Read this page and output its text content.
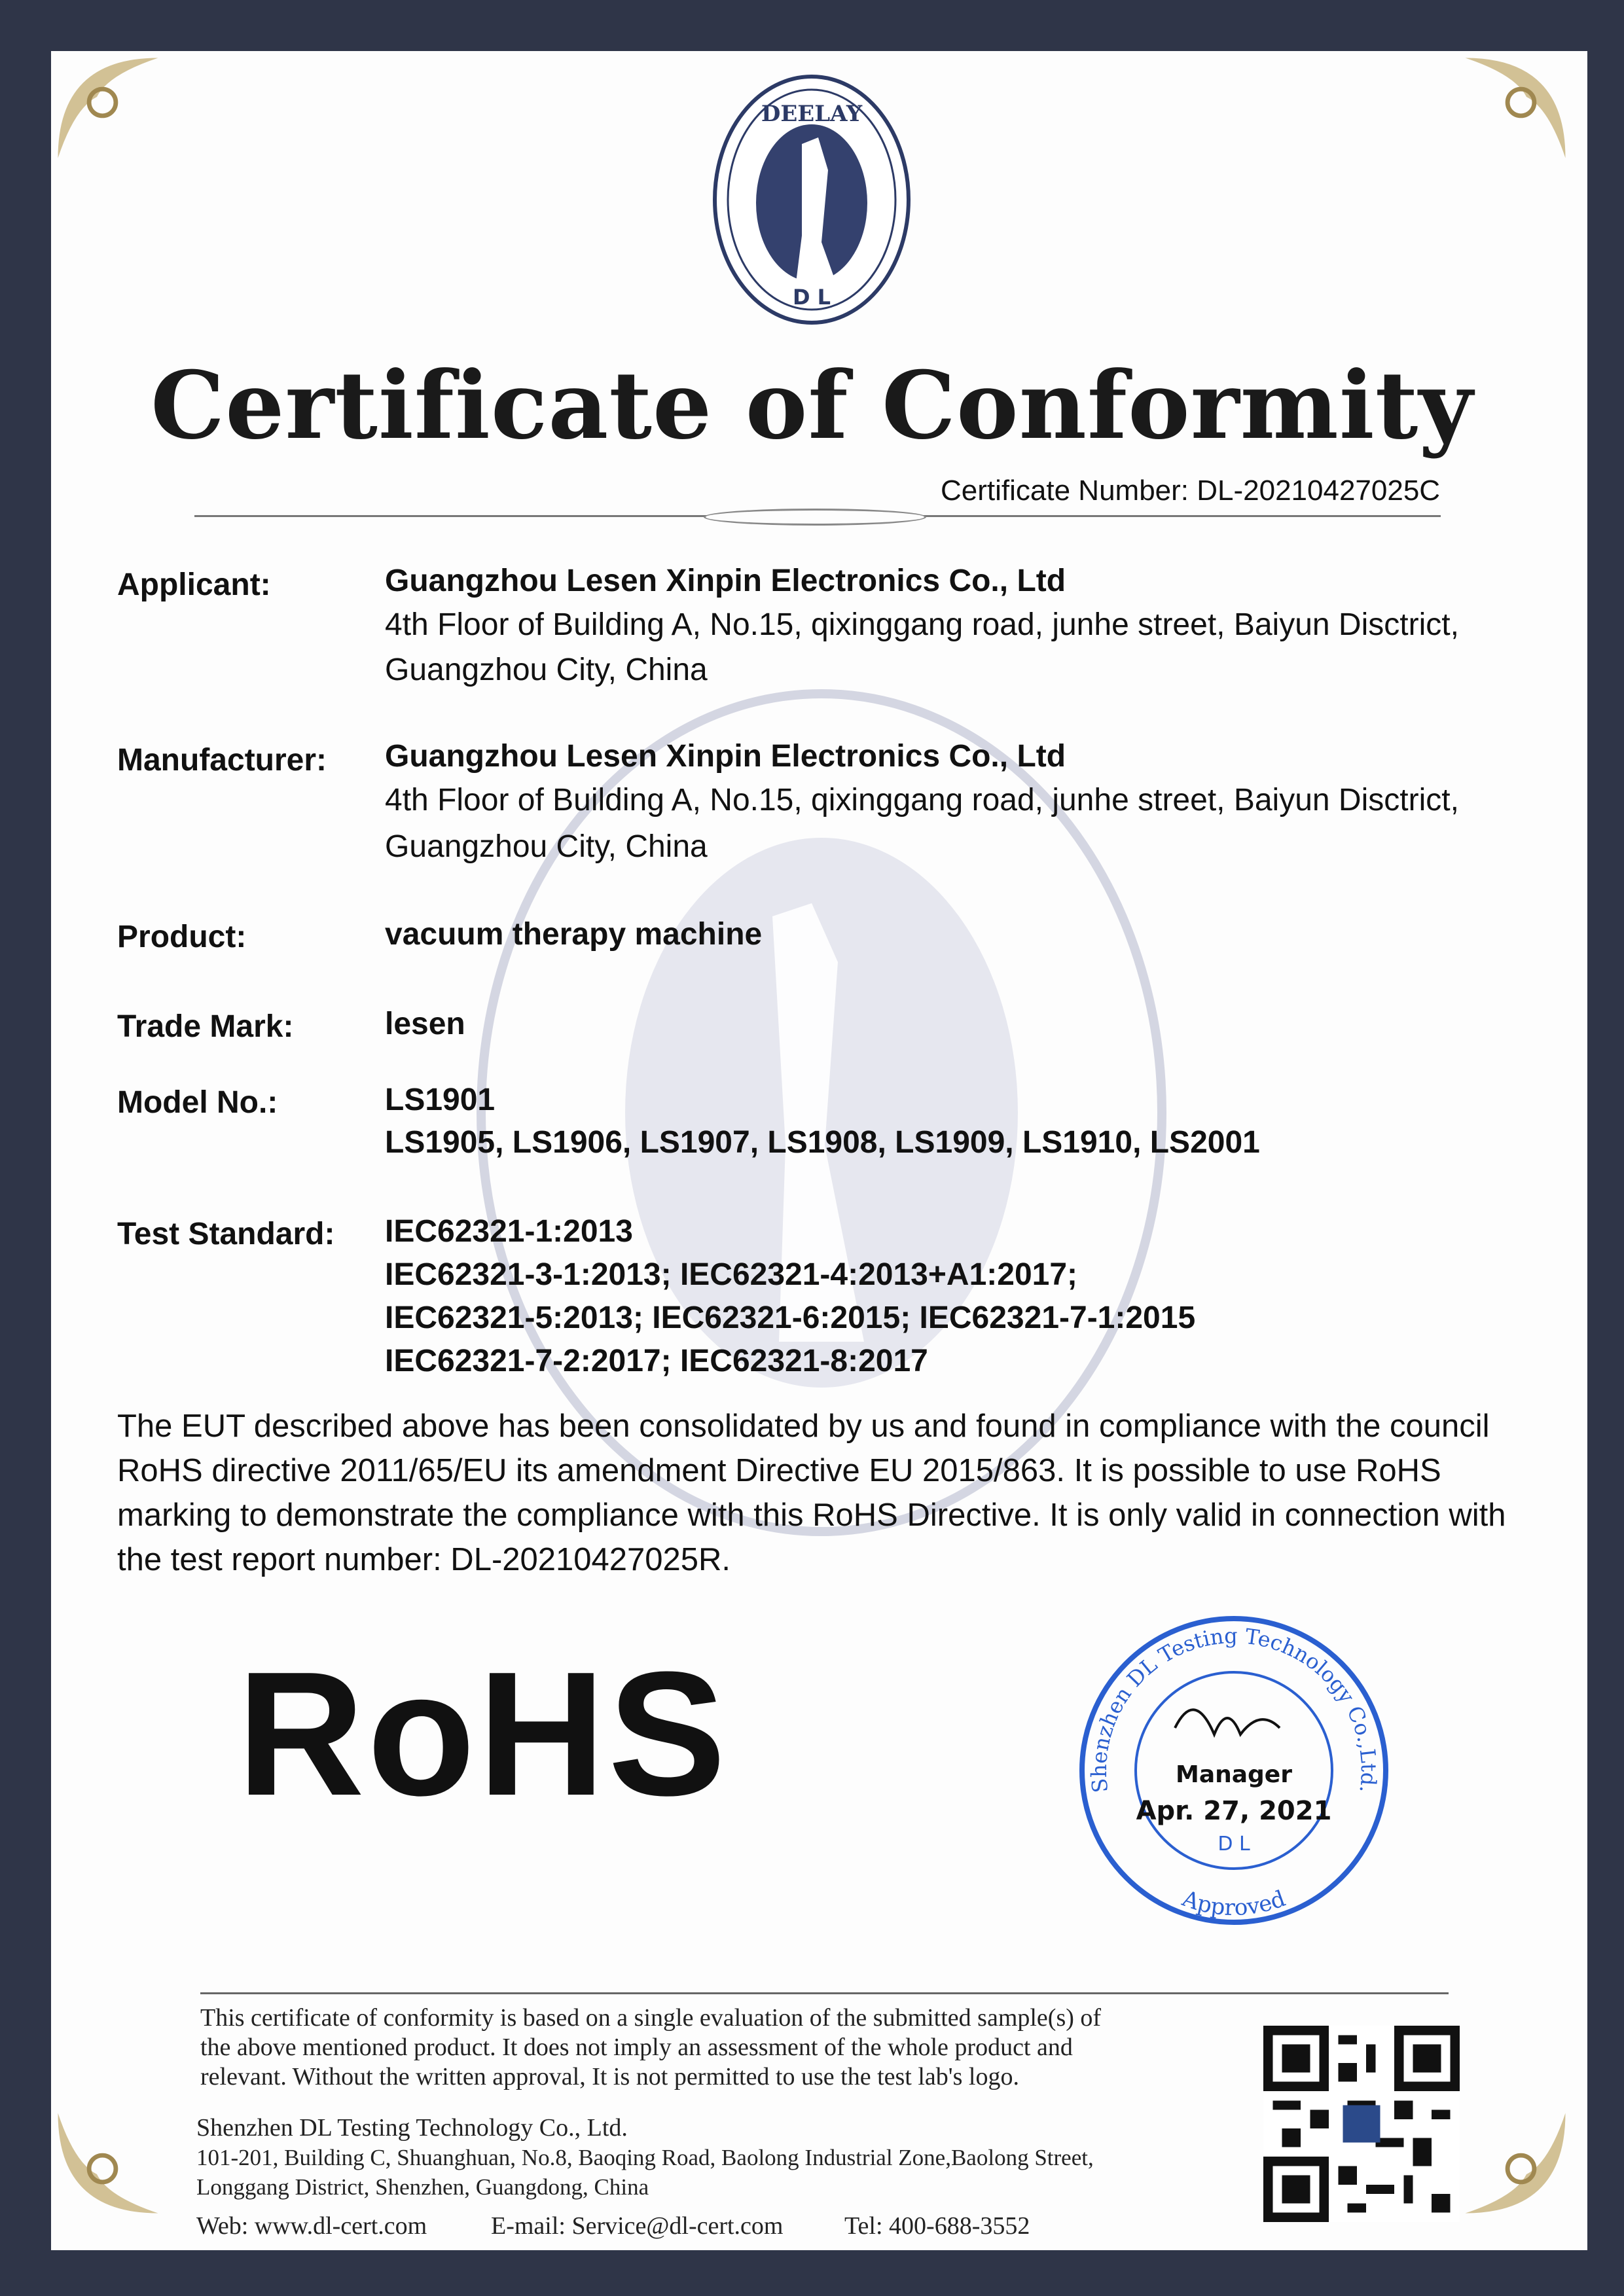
DEELAY
D L
Certificate of Conformity
Certificate Number: DL-20210427025C
Applicant:	Guangzhou Lesen Xinpin Electronics Co., Ltd
4th Floor of Building A, No.15, qixinggang road, junhe street, Baiyun Disctrict,
Guangzhou City, China
Manufacturer: Guangzhou Lesen Xinpin Electronics Co., Ltd
4th Floor of Building A, No.15, qixinggang road, junhe street, Baiyun Disctrict,
Guangzhou City, China
Product:	vacuum therapy machine
Trade Mark:	lesen
Model No.:	LS1901
LS1905, LS1906, LS1907, LS1908, LS1909, LS1910, LS2001
Test Standard: IEC62321-1:2013
IEC62321-3-1:2013; IEC62321-4:2013+A1:2017;
IEC62321-5:2013; IEC62321-6:2015; IEC62321-7-1:2015
IEC62321-7-2:2017; IEC62321-8:2017
The EUT described above has been consolidated by us and found in compliance with the council RoHS directive 2011/65/EU its amendment Directive EU 2015/863. It is possible to use RoHS marking to demonstrate the compliance with this RoHS Directive. It is only valid in connection with the test report number: DL-20210427025R.
RoHS	Shenzhen DL Testing Technology Co.,Ltd.
Approved
Manager
Apr. 27, 2021
D L
This certificate of conformity is based on a single evaluation of the submitted sample(s) of
the above mentioned product. It does not imply an assessment of the whole product and
relevant. Without the written approval, It is not permitted to use the test lab's logo.
Shenzhen DL Testing Technology Co., Ltd.
101-201, Building C, Shuanghuan, No.8, Baoqing Road, Baolong Industrial Zone,Baolong Street,
Longgang District, Shenzhen, Guangdong, China
Web: www.dl-cert.com	E-mail: Service@dl-cert.com Tel: 400-688-3552
